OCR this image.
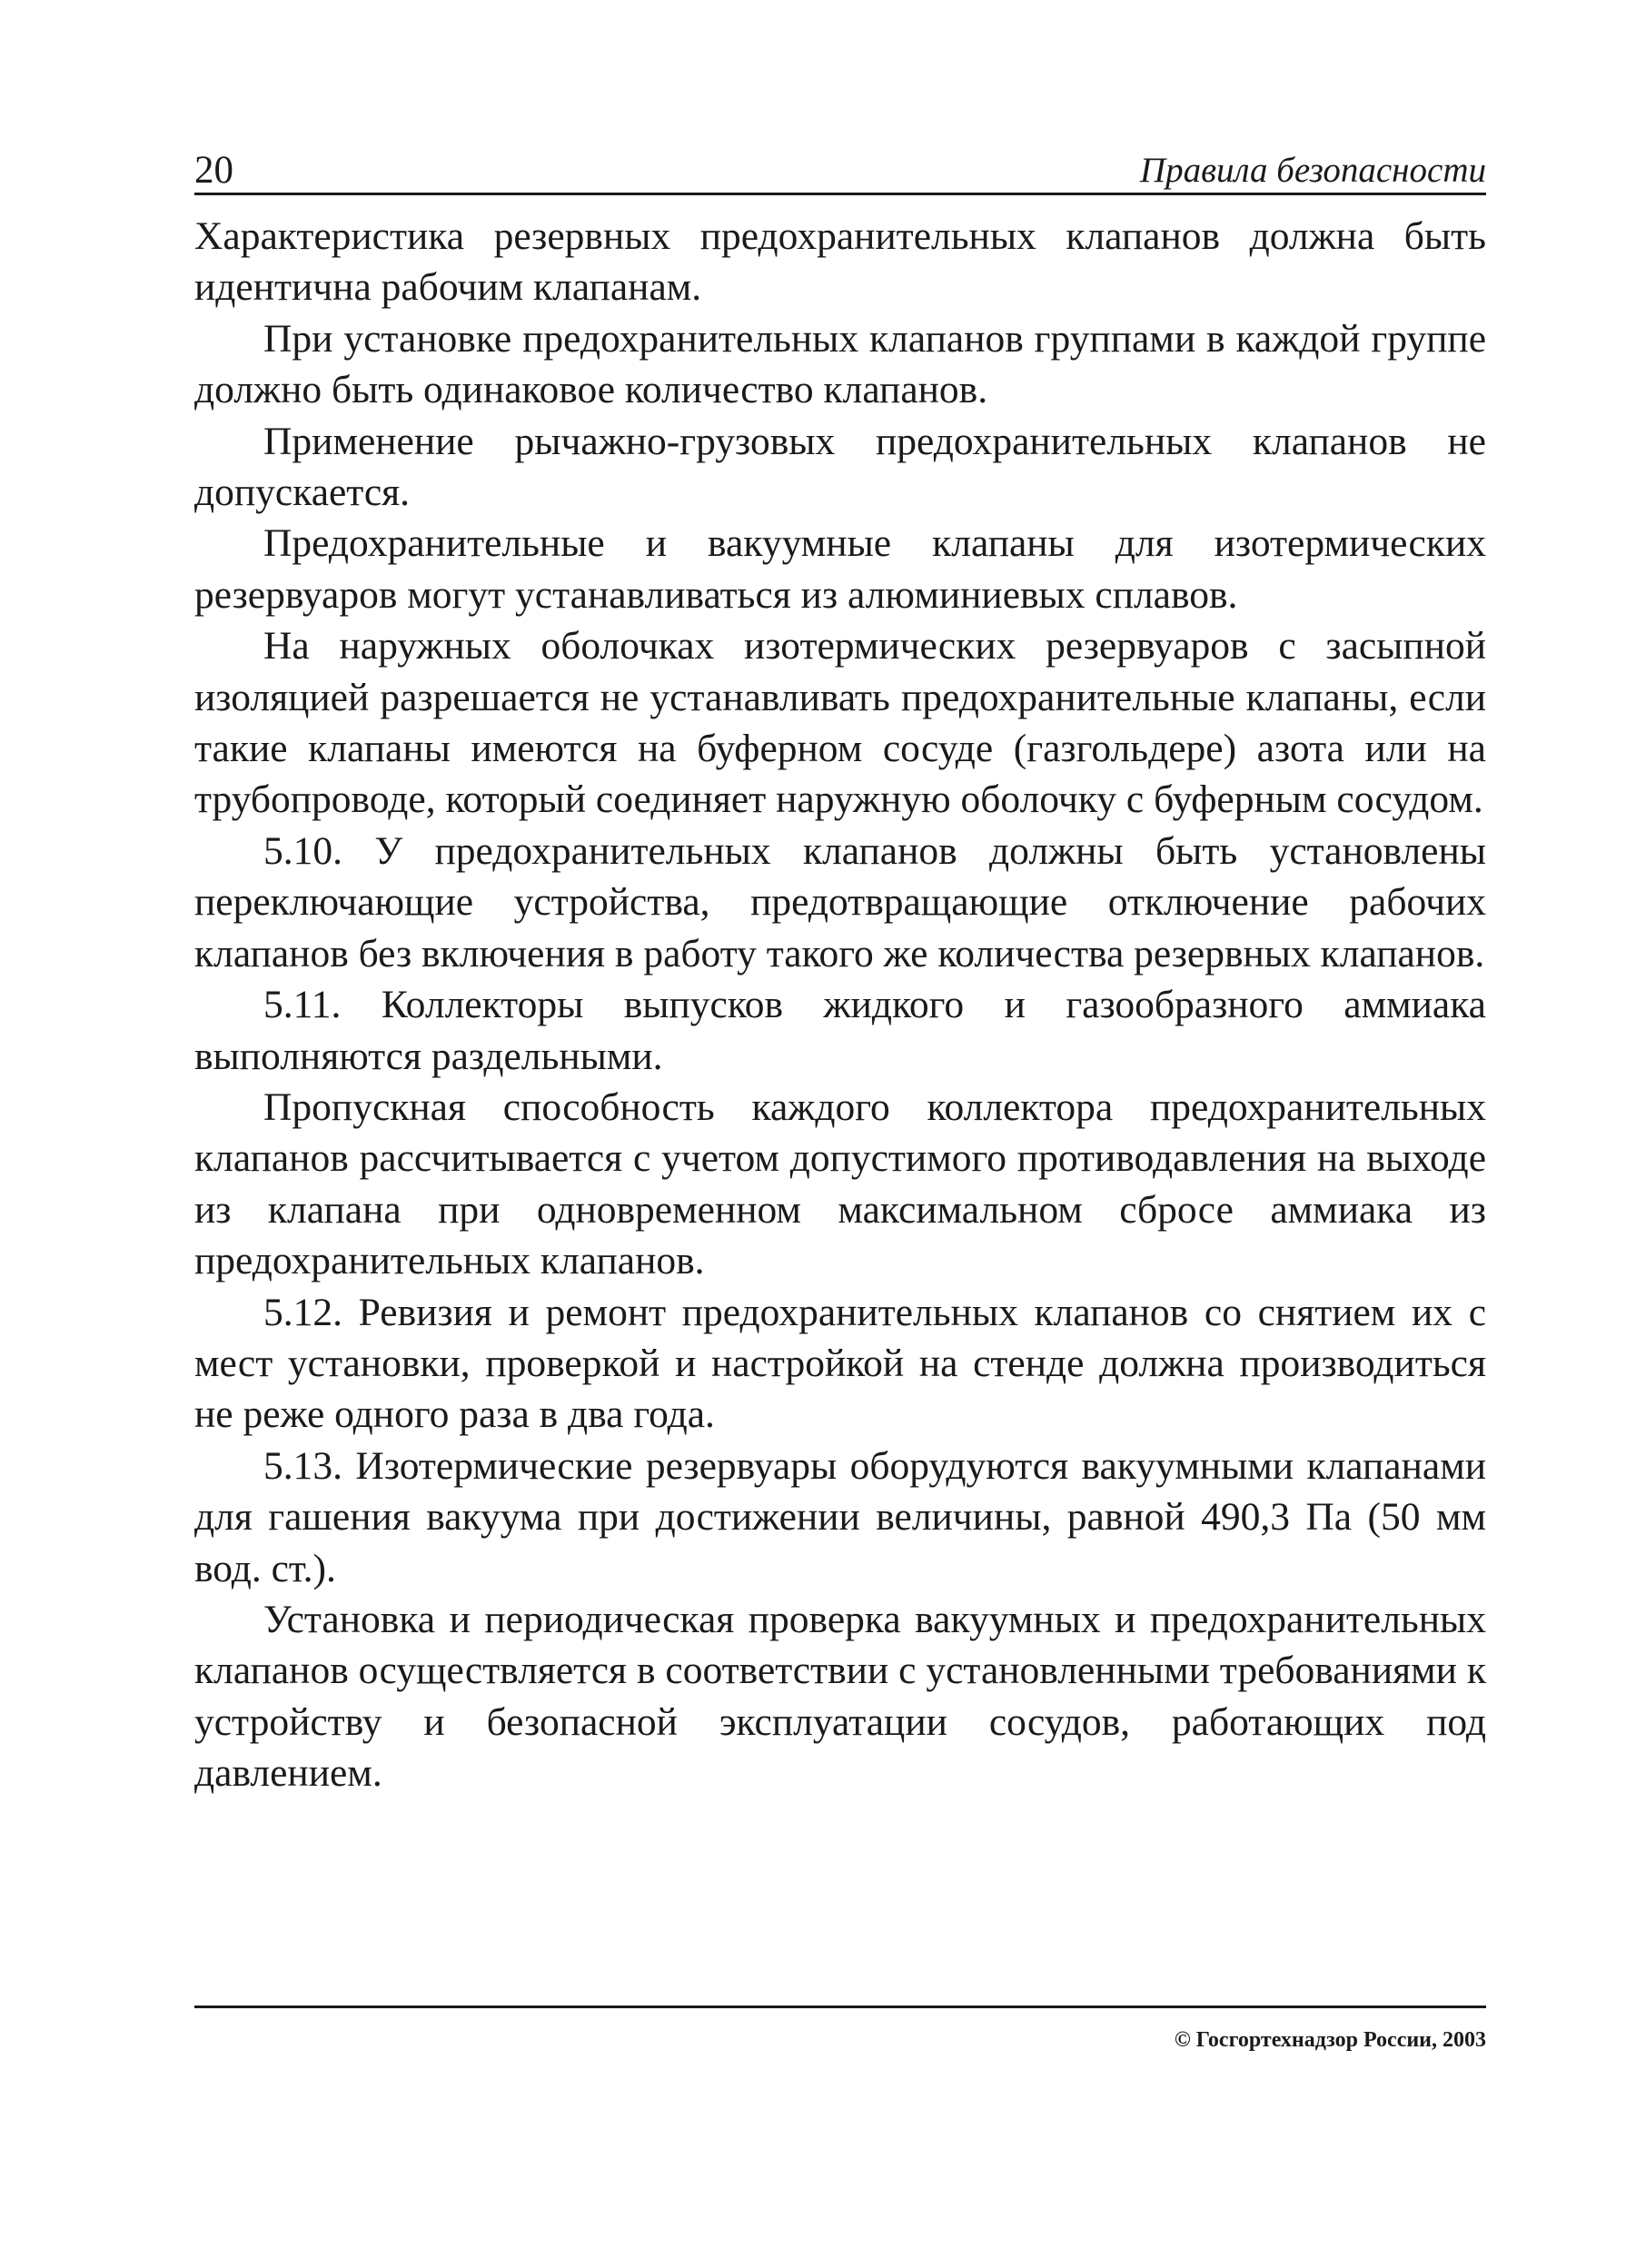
20	Правила безопасности

Характеристика резервных предохранительных клапанов должна быть идентична рабочим клапанам.

При установке предохранительных клапанов группами в каждой группе должно быть одинаковое количество клапанов.

Применение рычажно-грузовых предохранительных клапанов не допускается.

Предохранительные и вакуумные клапаны для изотермических резервуаров могут устанавливаться из алюминиевых сплавов.

На наружных оболочках изотермических резервуаров с засыпной изоляцией разрешается не устанавливать предохранительные клапаны, если такие клапаны имеются на буферном сосуде (газгольдере) азота или на трубопроводе, который соединяет наружную оболочку с буферным сосудом.

5.10. У предохранительных клапанов должны быть установлены переключающие устройства, предотвращающие отключение рабочих клапанов без включения в работу такого же количества резервных клапанов.

5.11. Коллекторы выпусков жидкого и газообразного аммиака выполняются раздельными.

Пропускная способность каждого коллектора предохранительных клапанов рассчитывается с учетом допустимого противодавления на выходе из клапана при одновременном максимальном сбросе аммиака из предохранительных клапанов.

5.12. Ревизия и ремонт предохранительных клапанов со снятием их с мест установки, проверкой и настройкой на стенде должна производиться не реже одного раза в два года.

5.13. Изотермические резервуары оборудуются вакуумными клапанами для гашения вакуума при достижении величины, равной 490,3 Па (50 мм вод. ст.).

Установка и периодическая проверка вакуумных и предохранительных клапанов осуществляется в соответствии с установленными требованиями к устройству и безопасной эксплуатации сосудов, работающих под давлением.

© Госгортехнадзор России, 2003
